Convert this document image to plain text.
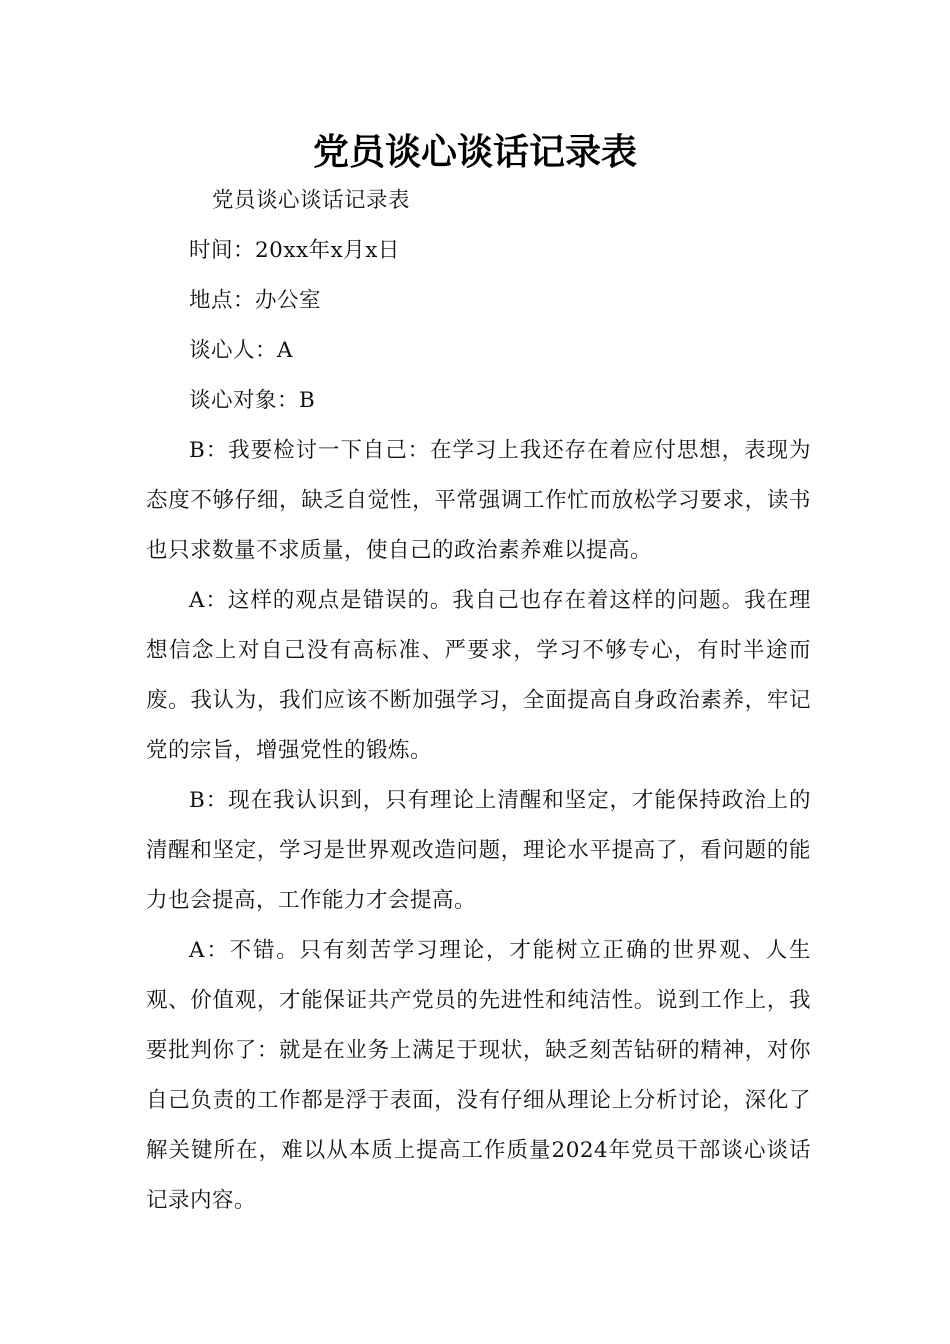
党员谈心谈话记录表

党员谈心谈话记录表

时间：20xx年x月x日

地点：办公室

谈心人：A

谈心对象：B

B：我要检讨一下自己：在学习上我还存在着应付思想，表现为态度不够仔细，缺乏自觉性，平常强调工作忙而放松学习要求，读书也只求数量不求质量，使自己的政治素养难以提高。

A：这样的观点是错误的。我自己也存在着这样的问题。我在理想信念上对自己没有高标准、严要求，学习不够专心，有时半途而废。我认为，我们应该不断加强学习，全面提高自身政治素养，牢记党的宗旨，增强党性的锻炼。

B：现在我认识到，只有理论上清醒和坚定，才能保持政治上的清醒和坚定，学习是世界观改造问题，理论水平提高了，看问题的能力也会提高，工作能力才会提高。

A：不错。只有刻苦学习理论，才能树立正确的世界观、人生观、价值观，才能保证共产党员的先进性和纯洁性。说到工作上，我要批判你了：就是在业务上满足于现状，缺乏刻苦钻研的精神，对你自己负责的工作都是浮于表面，没有仔细从理论上分析讨论，深化了解关键所在，难以从本质上提高工作质量2024年党员干部谈心谈话记录内容。
